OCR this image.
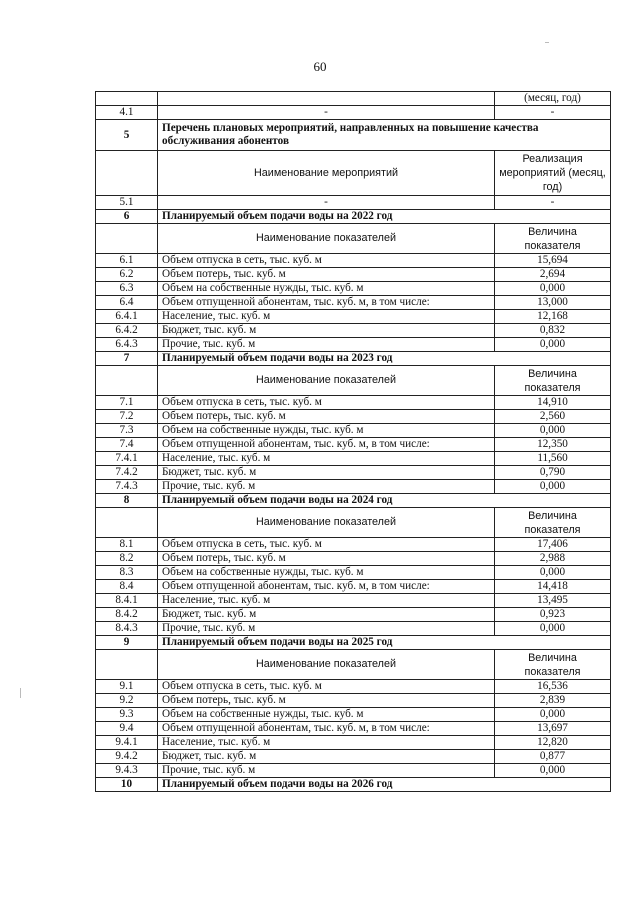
60
		(месяц, год)
4.1	-	-
5	Перечень плановых мероприятий, направленных на повышение качества обслуживания абонентов	
	Наименование мероприятий	Реализация мероприятий (месяц, год)
5.1	-	-
6	Планируемый объем подачи воды на 2022 год	
	Наименование показателей	Величина показателя
6.1	Объем отпуска в сеть, тыс. куб. м	15,694
6.2	Объем потерь, тыс. куб. м	2,694
6.3	Объем на собственные нужды, тыс. куб. м	0,000
6.4	Объем отпущенной абонентам, тыс. куб. м, в том числе:	13,000
6.4.1	Население, тыс. куб. м	12,168
6.4.2	Бюджет, тыс. куб. м	0,832
6.4.3	Прочие, тыс. куб. м	0,000
7	Планируемый объем подачи воды на 2023 год	
	Наименование показателей	Величина показателя
7.1	Объем отпуска в сеть, тыс. куб. м	14,910
7.2	Объем потерь, тыс. куб. м	2,560
7.3	Объем на собственные нужды, тыс. куб. м	0,000
7.4	Объем отпущенной абонентам, тыс. куб. м, в том числе:	12,350
7.4.1	Население, тыс. куб. м	11,560
7.4.2	Бюджет, тыс. куб. м	0,790
7.4.3	Прочие, тыс. куб. м	0,000
8	Планируемый объем подачи воды на 2024 год	
	Наименование показателей	Величина показателя
8.1	Объем отпуска в сеть, тыс. куб. м	17,406
8.2	Объем потерь, тыс. куб. м	2,988
8.3	Объем на собственные нужды, тыс. куб. м	0,000
8.4	Объем отпущенной абонентам, тыс. куб. м, в том числе:	14,418
8.4.1	Население, тыс. куб. м	13,495
8.4.2	Бюджет, тыс. куб. м	0,923
8.4.3	Прочие, тыс. куб. м	0,000
9	Планируемый объем подачи воды на 2025 год	
	Наименование показателей	Величина показателя
9.1	Объем отпуска в сеть, тыс. куб. м	16,536
9.2	Объем потерь, тыс. куб. м	2,839
9.3	Объем на собственные нужды, тыс. куб. м	0,000
9.4	Объем отпущенной абонентам, тыс. куб. м, в том числе:	13,697
9.4.1	Население, тыс. куб. м	12,820
9.4.2	Бюджет, тыс. куб. м	0,877
9.4.3	Прочие, тыс. куб. м	0,000
10	Планируемый объем подачи воды на 2026 год	
